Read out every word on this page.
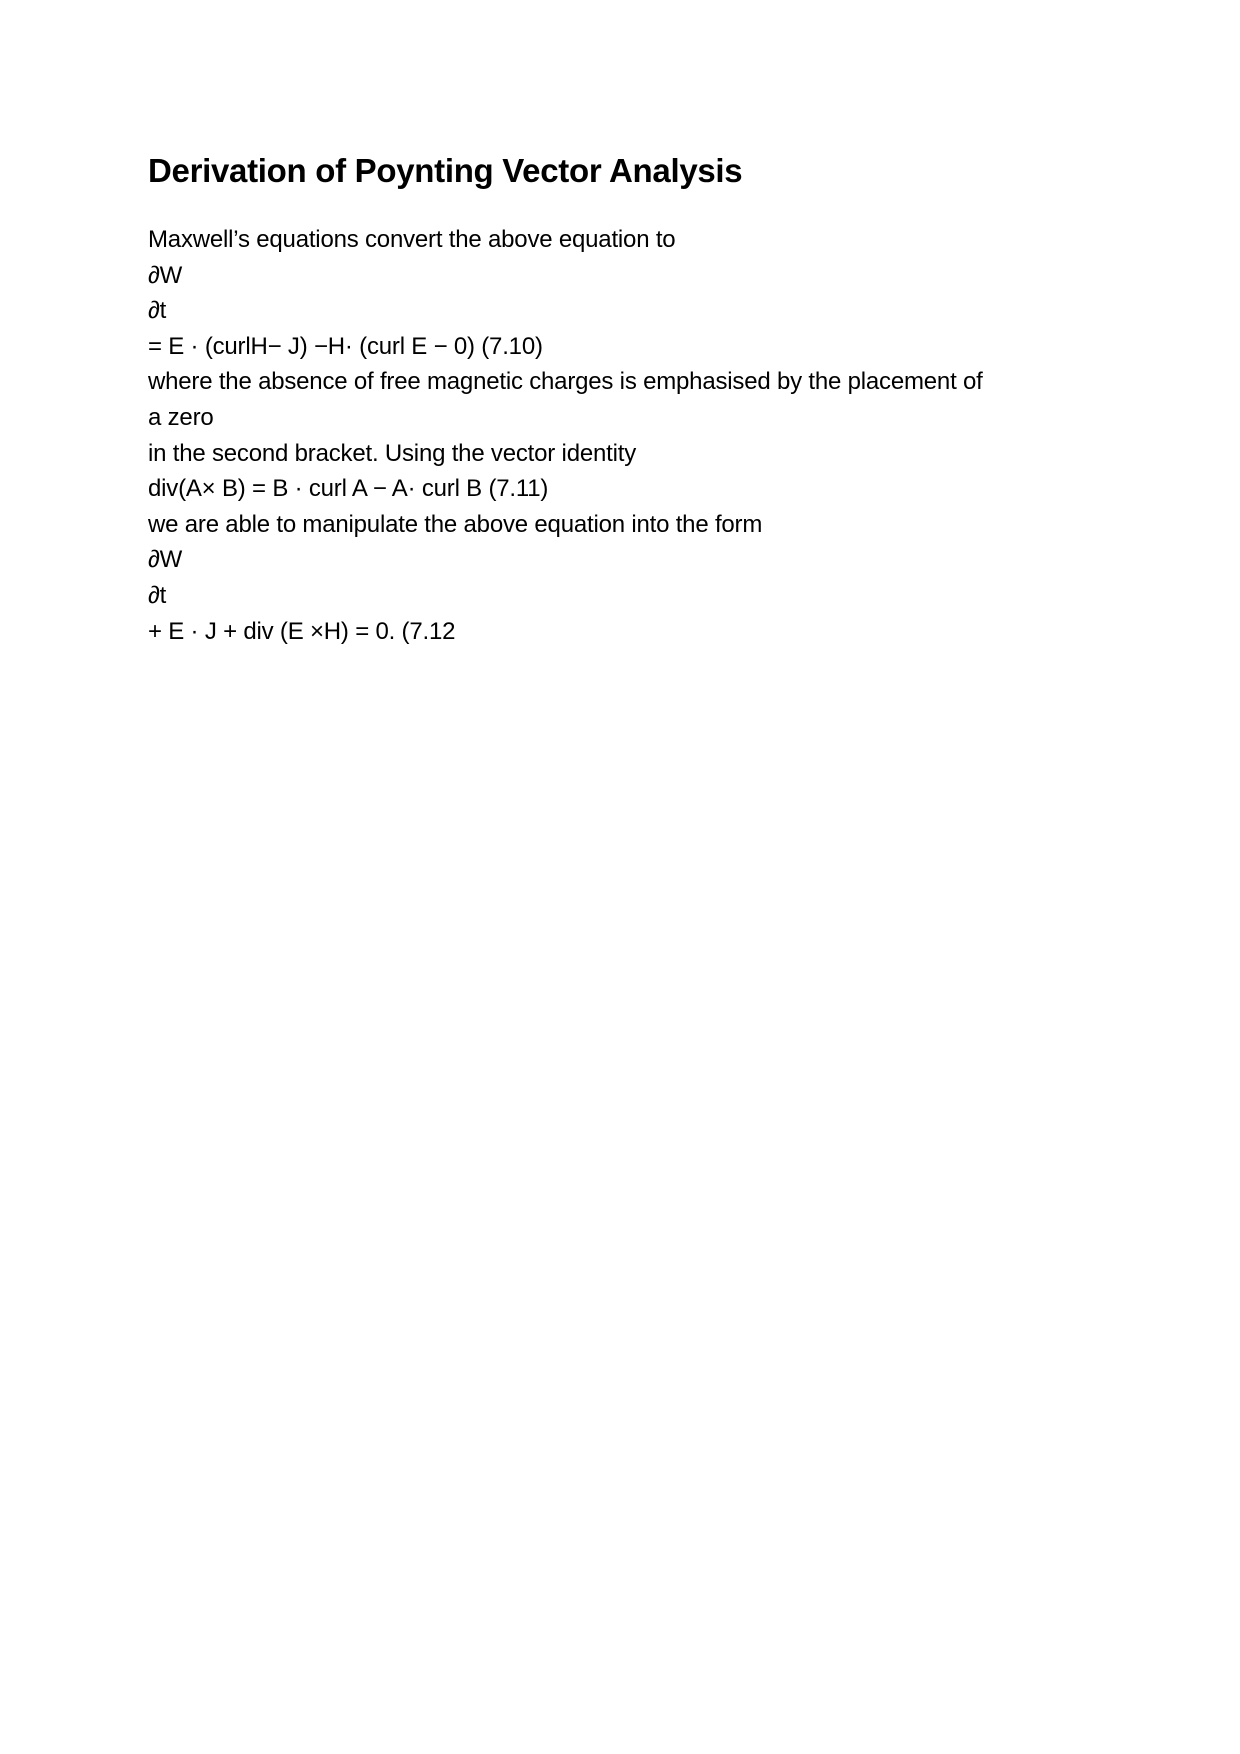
Derivation of Poynting Vector Analysis
Maxwell’s equations convert the above equation to
∂W
∂t
= E · (curlH− J) −H· (curl E − 0) (7.10)
where the absence of free magnetic charges is emphasised by the placement of
a zero
in the second bracket. Using the vector identity
div(A× B) = B · curl A − A· curl B (7.11)
we are able to manipulate the above equation into the form
∂W
∂t
+ E · J + div (E ×H) = 0. (7.12
